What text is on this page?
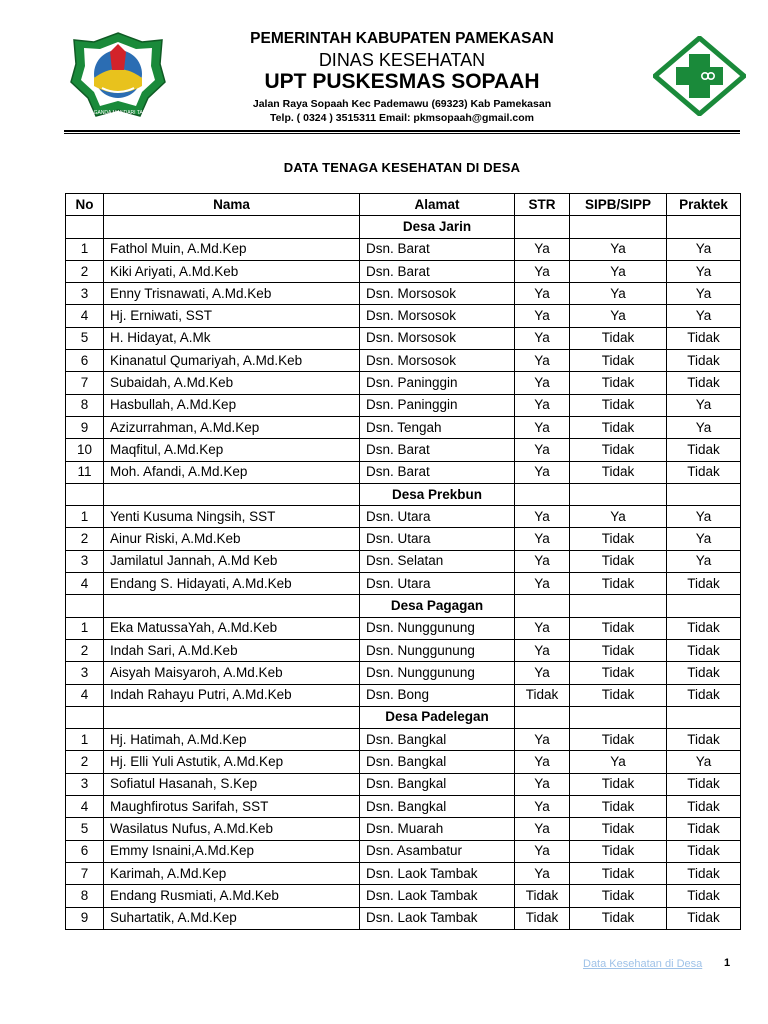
RATNA GANDA MANDARI TANJUNG
PEMERINTAH KABUPATEN PAMEKASAN
DINAS KESEHATAN
UPT PUSKESMAS SOPAAH
Jalan Raya Sopaah Kec Pademawu (69323) Kab Pamekasan
Telp. ( 0324 ) 3515311 Email: pkmsopaah@gmail.com
DATA TENAGA KESEHATAN DI DESA
No	Nama	Alamat	STR	SIPB/SIPP	Praktek
		Desa Jarin			
1	Fathol Muin, A.Md.Kep	Dsn. Barat	Ya	Ya	Ya
2	Kiki Ariyati, A.Md.Keb	Dsn. Barat	Ya	Ya	Ya
3	Enny Trisnawati, A.Md.Keb	Dsn. Morsosok	Ya	Ya	Ya
4	Hj. Erniwati, SST	Dsn. Morsosok	Ya	Ya	Ya
5	H. Hidayat, A.Mk	Dsn. Morsosok	Ya	Tidak	Tidak
6	Kinanatul Qumariyah, A.Md.Keb	Dsn. Morsosok	Ya	Tidak	Tidak
7	Subaidah, A.Md.Keb	Dsn. Paninggin	Ya	Tidak	Tidak
8	Hasbullah, A.Md.Kep	Dsn. Paninggin	Ya	Tidak	Ya
9	Azizurrahman, A.Md.Kep	Dsn. Tengah	Ya	Tidak	Ya
10	Maqfitul, A.Md.Kep	Dsn. Barat	Ya	Tidak	Tidak
11	Moh. Afandi, A.Md.Kep	Dsn. Barat	Ya	Tidak	Tidak
		Desa Prekbun			
1	Yenti Kusuma Ningsih, SST	Dsn. Utara	Ya	Ya	Ya
2	Ainur Riski, A.Md.Keb	Dsn. Utara	Ya	Tidak	Ya
3	Jamilatul Jannah, A.Md Keb	Dsn. Selatan	Ya	Tidak	Ya
4	Endang S. Hidayati, A.Md.Keb	Dsn. Utara	Ya	Tidak	Tidak
		Desa Pagagan			
1	Eka MatussaYah, A.Md.Keb	Dsn. Nunggunung	Ya	Tidak	Tidak
2	Indah Sari, A.Md.Keb	Dsn. Nunggunung	Ya	Tidak	Tidak
3	Aisyah Maisyaroh, A.Md.Keb	Dsn. Nunggunung	Ya	Tidak	Tidak
4	Indah Rahayu Putri, A.Md.Keb	Dsn. Bong	Tidak	Tidak	Tidak
		Desa Padelegan			
1	Hj. Hatimah, A.Md.Kep	Dsn. Bangkal	Ya	Tidak	Tidak
2	Hj. Elli Yuli Astutik, A.Md.Kep	Dsn. Bangkal	Ya	Ya	Ya
3	Sofiatul Hasanah, S.Kep	Dsn. Bangkal	Ya	Tidak	Tidak
4	Maughfirotus Sarifah, SST	Dsn. Bangkal	Ya	Tidak	Tidak
5	Wasilatus Nufus, A.Md.Keb	Dsn. Muarah	Ya	Tidak	Tidak
6	Emmy Isnaini,A.Md.Kep	Dsn. Asambatur	Ya	Tidak	Tidak
7	Karimah, A.Md.Kep	Dsn. Laok Tambak	Ya	Tidak	Tidak
8	Endang Rusmiati, A.Md.Keb	Dsn. Laok Tambak	Tidak	Tidak	Tidak
9	Suhartatik, A.Md.Kep	Dsn. Laok Tambak	Tidak	Tidak	Tidak
Data Kesehatan di Desa 1
